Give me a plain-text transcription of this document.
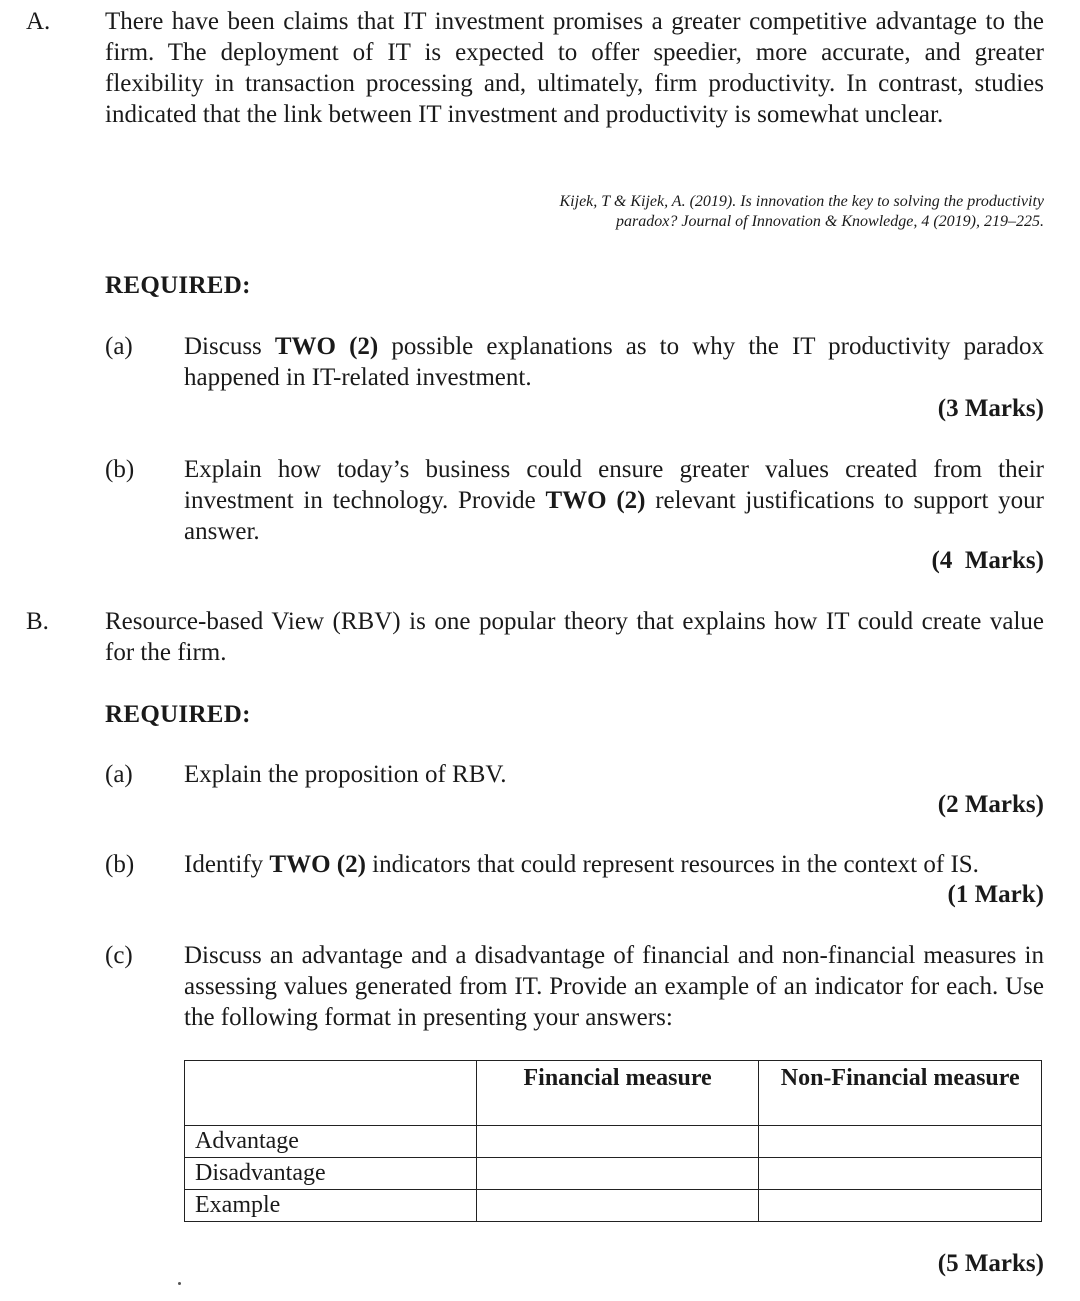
A. There have been claims that IT investment promises a greater competitive advantage to the firm. The deployment of IT is expected to offer speedier, more accurate, and greater flexibility in transaction processing and, ultimately, firm productivity. In contrast, studies indicated that the link between IT investment and productivity is somewhat unclear.
Kijek, T & Kijek, A. (2019). Is innovation the key to solving the productivity
paradox? Journal of Innovation & Knowledge, 4 (2019), 219–225.
REQUIRED:
(a) Discuss TWO (2) possible explanations as to why the IT productivity paradox happened in IT-related investment.
(3 Marks)
(b) Explain how today’s business could ensure greater values created from their investment in technology. Provide TWO (2) relevant justifications to support your answer.
(4  Marks)
B. Resource-based View (RBV) is one popular theory that explains how IT could create value for the firm.
REQUIRED:
(a) Explain the proposition of RBV.
(2 Marks)
(b) Identify TWO (2) indicators that could represent resources in the context of IS.
(1 Mark)
(c) Discuss an advantage and a disadvantage of financial and non-financial measures in assessing values generated from IT. Provide an example of an indicator for each. Use the following format in presenting your answers:
	Financial measure	Non-Financial measure
Advantage		
Disadvantage		
Example		
(5 Marks)
